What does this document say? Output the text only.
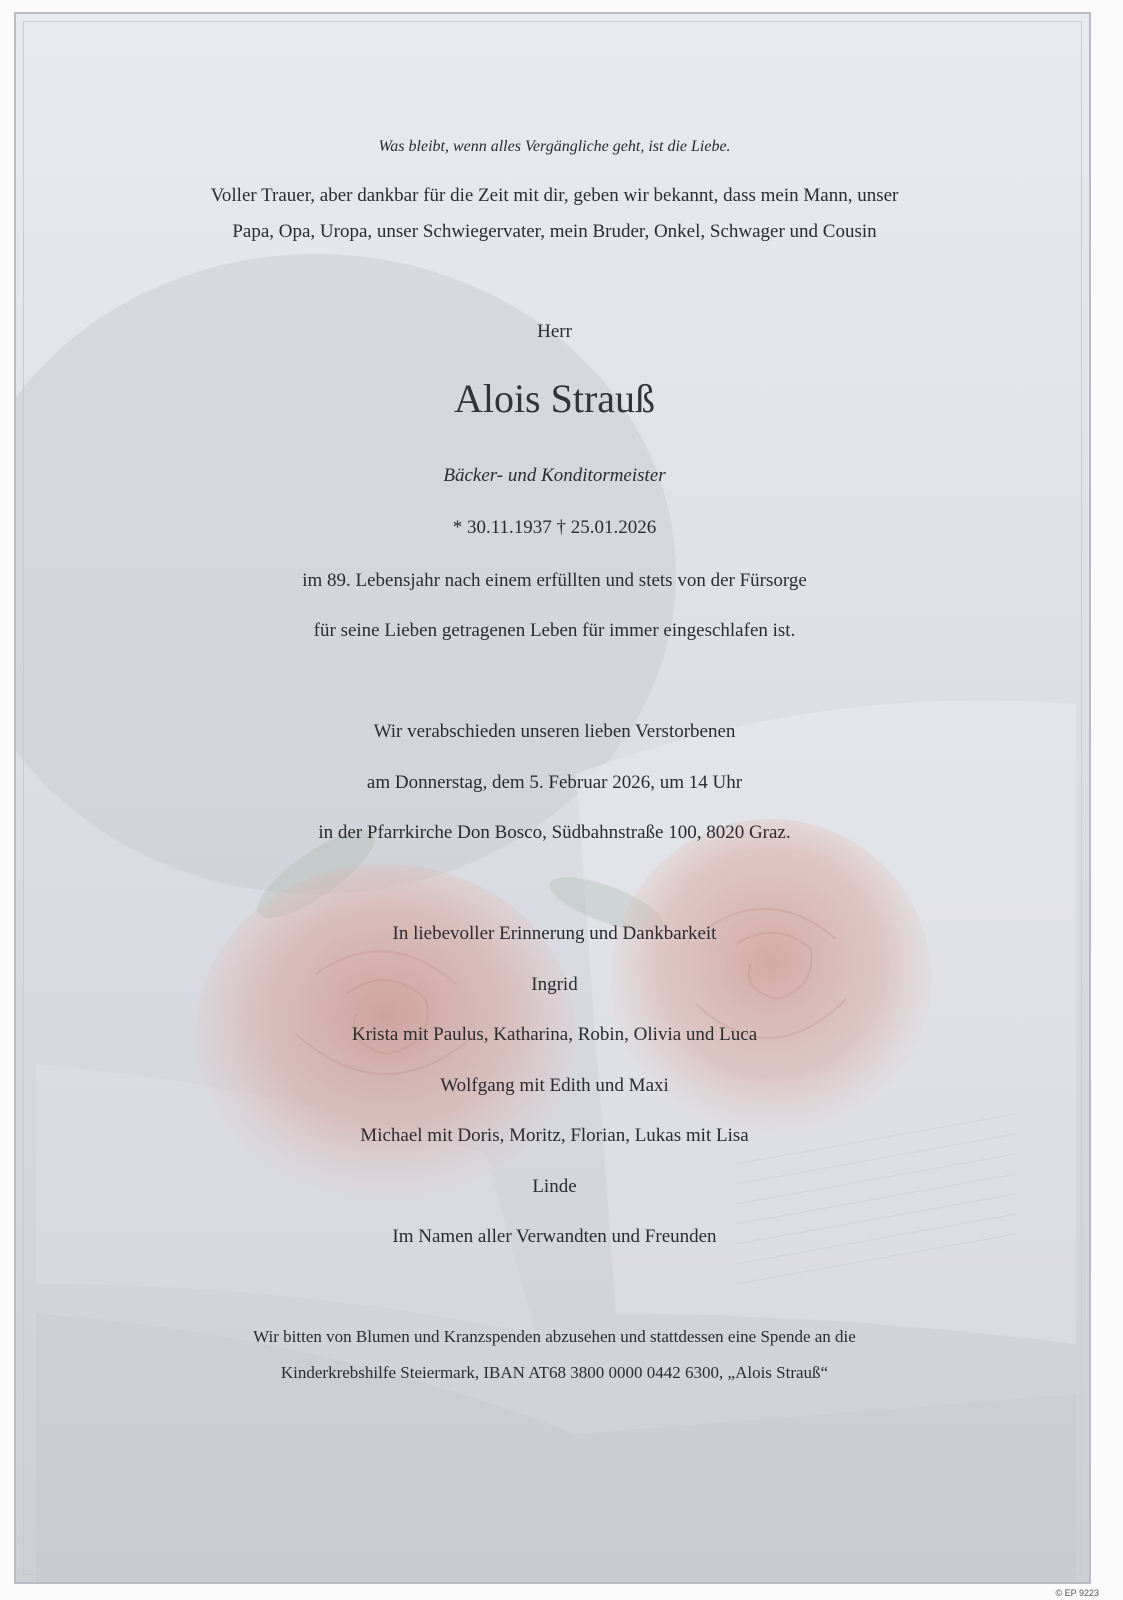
Was bleibt, wenn alles Vergängliche geht, ist die Liebe.
Voller Trauer, aber dankbar für die Zeit mit dir, geben wir bekannt, dass mein Mann, unser
Papa, Opa, Uropa, unser Schwiegervater, mein Bruder, Onkel, Schwager und Cousin
Herr
Alois Strauß
Bäcker- und Konditormeister
* 30.11.1937 † 25.01.2026
im 89. Lebensjahr nach einem erfüllten und stets von der Fürsorge
für seine Lieben getragenen Leben für immer eingeschlafen ist.
Wir verabschieden unseren lieben Verstorbenen
am Donnerstag, dem 5. Februar 2026, um 14 Uhr
in der Pfarrkirche Don Bosco, Südbahnstraße 100, 8020 Graz.
In liebevoller Erinnerung und Dankbarkeit
Ingrid
Krista mit Paulus, Katharina, Robin, Olivia und Luca
Wolfgang mit Edith und Maxi
Michael mit Doris, Moritz, Florian, Lukas mit Lisa
Linde
Im Namen aller Verwandten und Freunden
Wir bitten von Blumen und Kranzspenden abzusehen und stattdessen eine Spende an die
Kinderkrebshilfe Steiermark, IBAN AT68 3800 0000 0442 6300, „Alois Strauß“
© EP 9223
